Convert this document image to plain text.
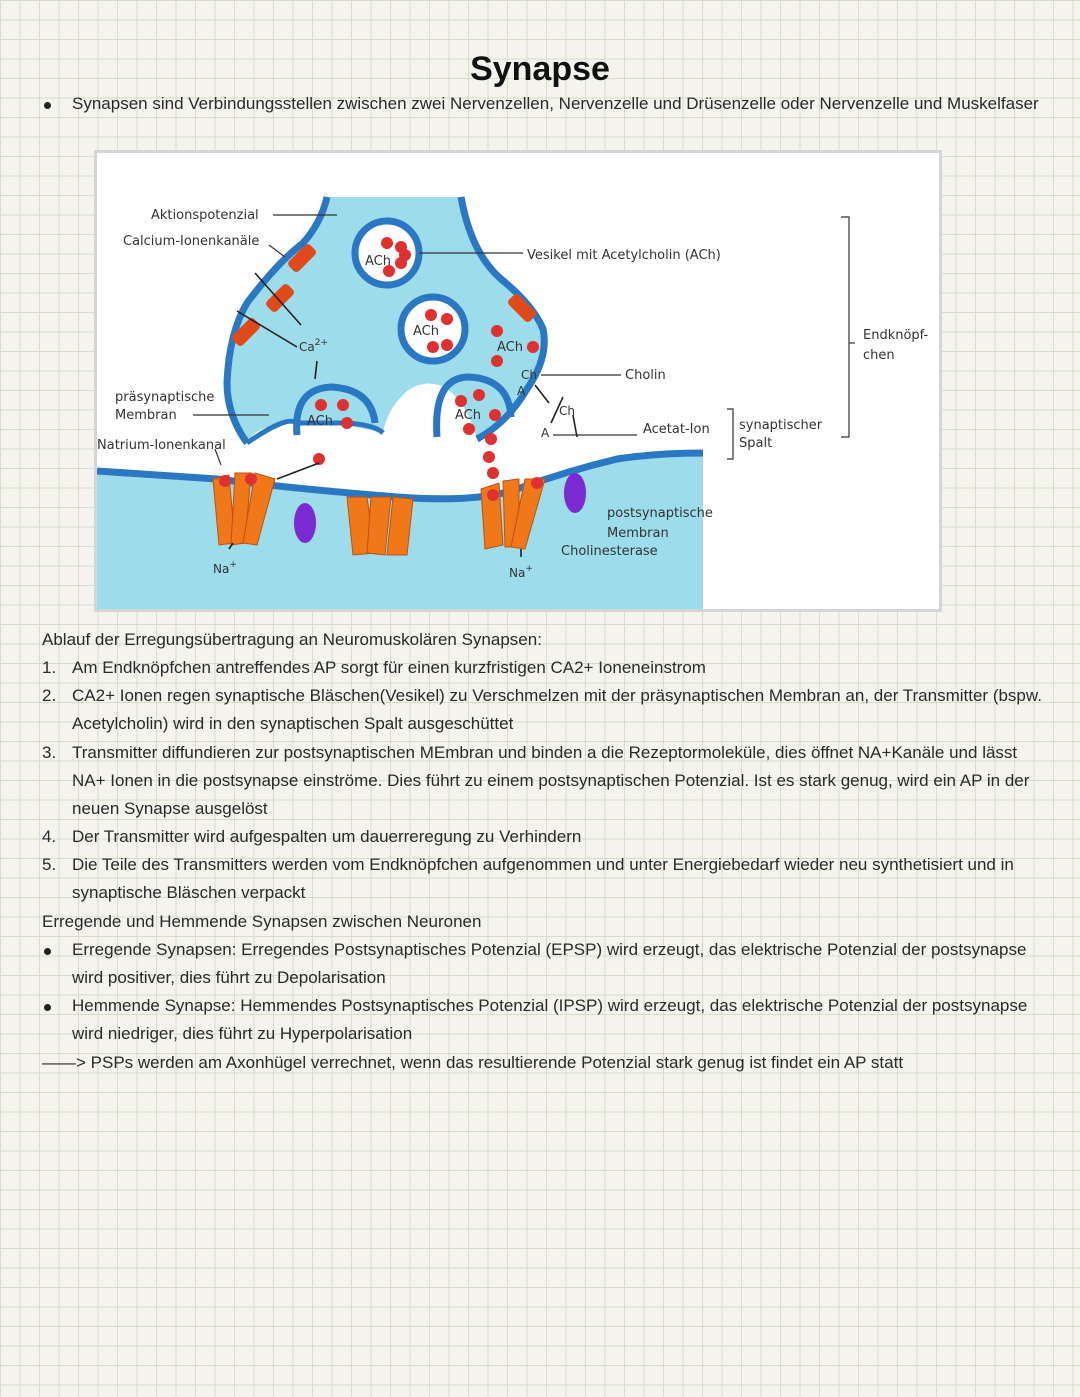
Synapse
Synapsen sind Verbindungsstellen zwischen zwei Nervenzellen, Nervenzelle und Drüsenzelle oder Nervenzelle und Muskelfaser
ACh
ACh
ACh	ACh
ACh
Ch
A
Ch
A
$Ca^{2+}$
Na+
Na+
Aktionspotenzial
Calcium-Ionenkanäle
Vesikel mit Acetylcholin (ACh)
präsynaptische
Membran
Natrium-Ionenkanal
Cholin
Acetat-Ion synaptischer
Spalt
Endknöpf-
chen
postsynaptische
Membran
Cholinesterase
Ablauf der Erregungsübertragung an Neuromuskolären Synapsen:
1. Am Endknöpfchen antreffendes AP sorgt für einen kurzfristigen CA2+ Ioneneinstrom
2. CA2+ Ionen regen synaptische Bläschen(Vesikel) zu Verschmelzen mit der präsynaptischen Membran an, der Transmitter (bspw. Acetylcholin) wird in den synaptischen Spalt ausgeschüttet
3. Transmitter diffundieren zur postsynaptischen MEmbran und binden a die Rezeptormoleküle, dies öffnet NA+Kanäle und lässt NA+ Ionen in die postsynapse einströme. Dies führt zu einem postsynaptischen Potenzial. Ist es stark genug, wird ein AP in der neuen Synapse ausgelöst
4. Der Transmitter wird aufgespalten um dauerreregung zu Verhindern
5. Die Teile des Transmitters werden vom Endknöpfchen aufgenommen und unter Energiebedarf wieder neu synthetisiert und in synaptische Bläschen verpackt
Erregende und Hemmende Synapsen zwischen Neuronen
Erregende Synapsen: Erregendes Postsynaptisches Potenzial (EPSP) wird erzeugt, das elektrische Potenzial der postsynapse wird positiver, dies führt zu Depolarisation
Hemmende Synapse: Hemmendes Postsynaptisches Potenzial (IPSP) wird erzeugt, das elektrische Potenzial der postsynapse wird niedriger, dies führt zu Hyperpolarisation
——> PSPs werden am Axonhügel verrechnet, wenn das resultierende Potenzial stark genug ist findet ein AP statt
